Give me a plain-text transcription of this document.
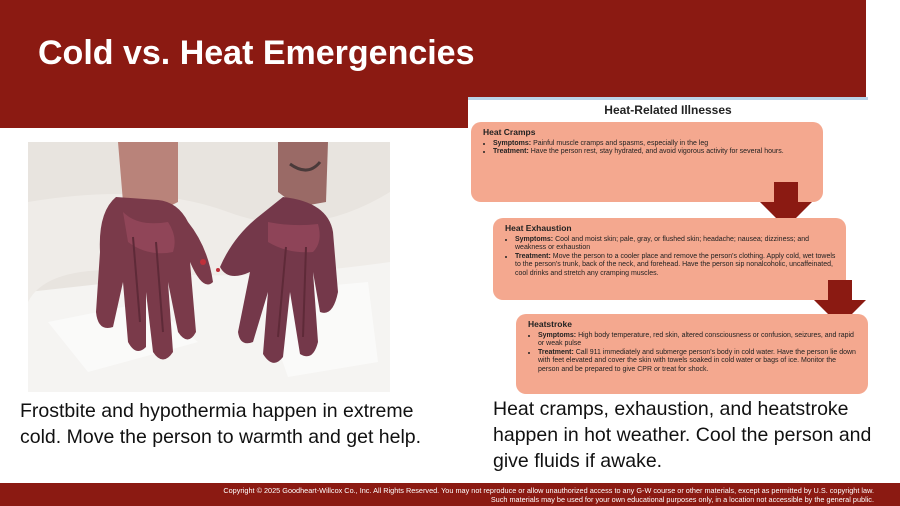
Cold vs. Heat Emergencies
Heat-Related Illnesses
Heat Cramps
• Symptoms: Painful muscle cramps and spasms, especially in the leg
• Treatment: Have the person rest, stay hydrated, and avoid vigorous activity for several hours.
Heat Exhaustion
• Symptoms: Cool and moist skin; pale, gray, or flushed skin; headache; nausea; dizziness; and weakness or exhaustion
• Treatment: Move the person to a cooler place and remove the person's clothing. Apply cold, wet towels to the person's trunk, back of the neck, and forehead. Have the person sip nonalcoholic, uncaffeinated, cool drinks and stretch any cramping muscles.
Heatstroke
• Symptoms: High body temperature, red skin, altered consciousness or confusion, seizures, and rapid or weak pulse
• Treatment: Call 911 immediately and submerge person's body in cold water. Have the person lie down with feet elevated and cover the skin with towels soaked in cold water or bags of ice. Monitor the person and be prepared to give CPR or treat for shock.

Frostbite and hypothermia happen in extreme cold. Move the person to warmth and get help.

Heat cramps, exhaustion, and heatstroke happen in hot weather. Cool the person and give fluids if awake.

Copyright © 2025 Goodheart-Willcox Co., Inc. All Rights Reserved. You may not reproduce or allow unauthorized access to any G-W course or other materials, except as permitted by U.S. copyright law.

Such materials may be used for your own educational purposes only, in a location not accessible by the general public.
